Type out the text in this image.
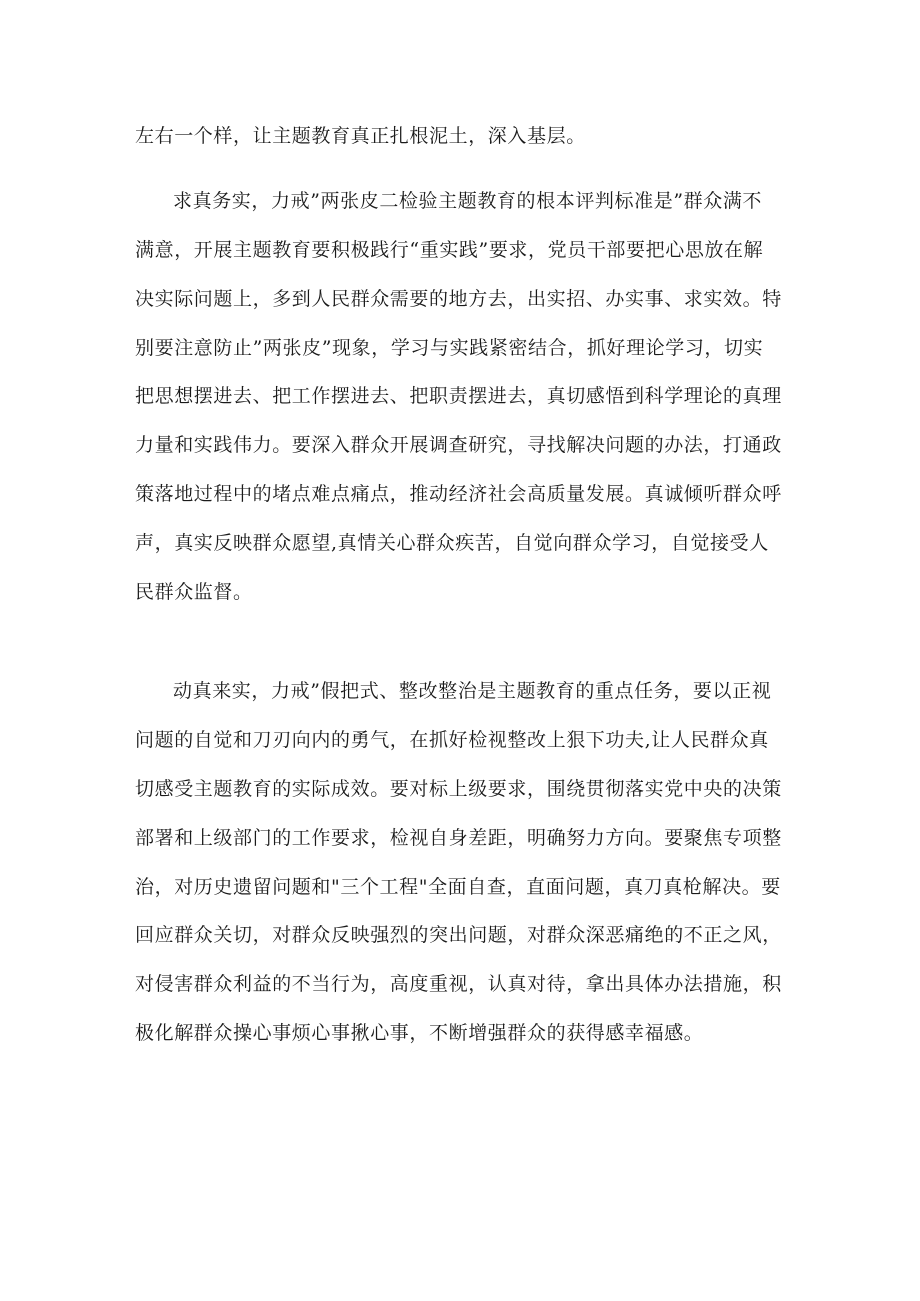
左右一个样，让主题教育真正扎根泥土，深入基层。
求真务实，力戒”两张皮二检验主题教育的根本评判标准是”群众满不
满意，开展主题教育要积极践行“重实践”要求，党员干部要把心思放在解
决实际问题上，多到人民群众需要的地方去，出实招、办实事、求实效。特
别要注意防止”两张皮”现象，学习与实践紧密结合，抓好理论学习，切实
把思想摆进去、把工作摆进去、把职责摆进去，真切感悟到科学理论的真理
力量和实践伟力。要深入群众开展调查研究，寻找解决问题的办法，打通政
策落地过程中的堵点难点痛点，推动经济社会高质量发展。真诚倾听群众呼
声，真实反映群众愿望,真情关心群众疾苦，自觉向群众学习，自觉接受人
民群众监督。
动真来实，力戒”假把式、整改整治是主题教育的重点任务，要以正视
问题的自觉和刀刃向内的勇气，在抓好检视整改上狠下功夫,让人民群众真
切感受主题教育的实际成效。要对标上级要求，围绕贯彻落实党中央的决策
部署和上级部门的工作要求，检视自身差距，明确努力方向。要聚焦专项整
治，对历史遗留问题和"三个工程"全面自查，直面问题，真刀真枪解决。要
回应群众关切，对群众反映强烈的突出问题，对群众深恶痛绝的不正之风，
对侵害群众利益的不当行为，高度重视，认真对待，拿出具体办法措施，积
极化解群众操心事烦心事揪心事，不断增强群众的获得感幸福感。
